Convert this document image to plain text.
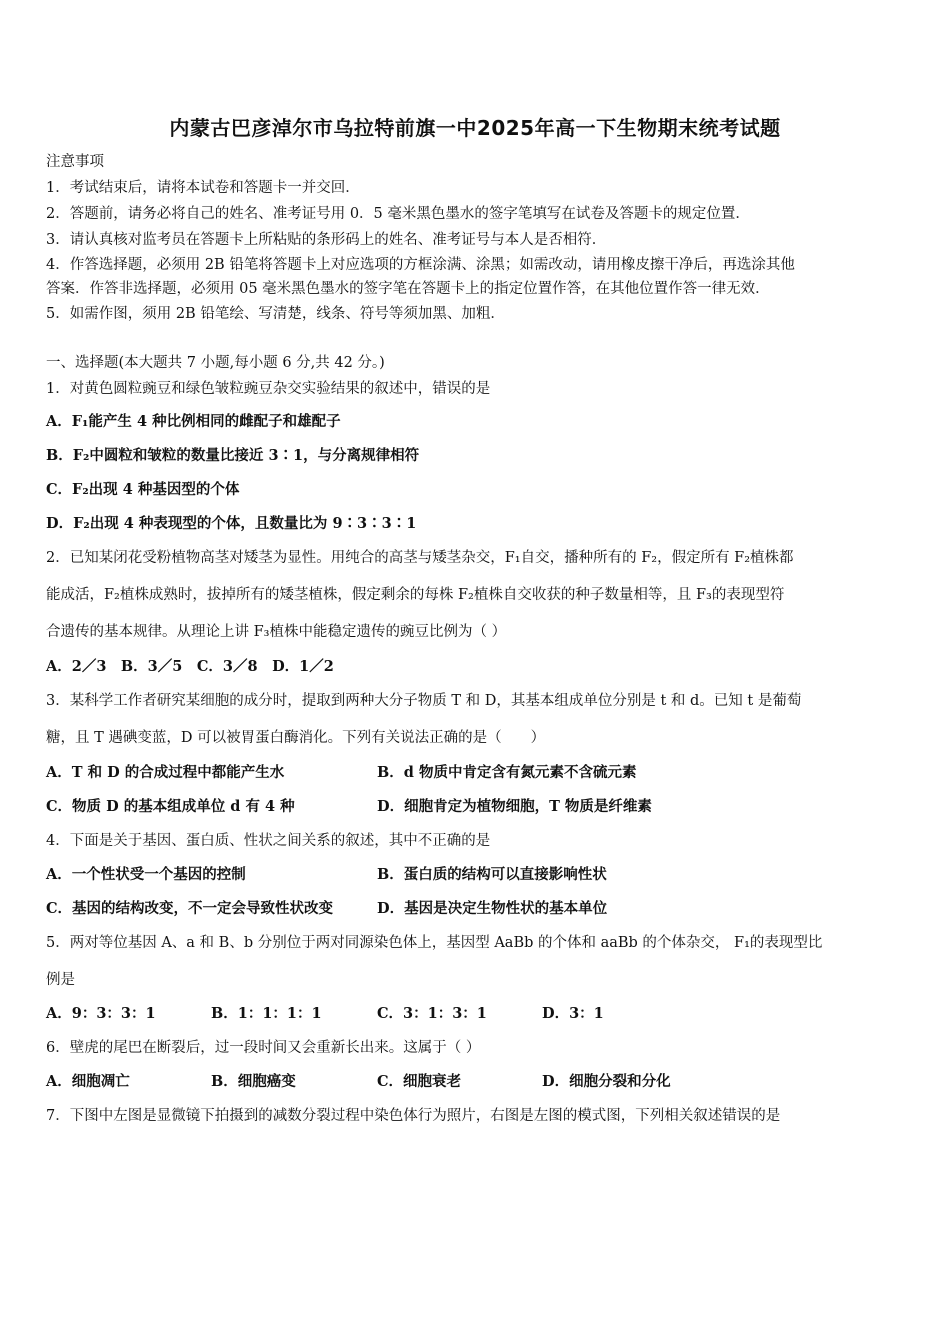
内蒙古巴彦淖尔市乌拉特前旗一中2025年高一下生物期末统考试题
注意事项
1．考试结束后，请将本试卷和答题卡一并交回．
2．答题前，请务必将自己的姓名、准考证号用 0．5 毫米黑色墨水的签字笔填写在试卷及答题卡的规定位置．
3．请认真核对监考员在答题卡上所粘贴的条形码上的姓名、准考证号与本人是否相符．
4．作答选择题，必须用 2B 铅笔将答题卡上对应选项的方框涂满、涂黑；如需改动，请用橡皮擦干净后，再选涂其他
答案．作答非选择题，必须用 05 毫米黑色墨水的签字笔在答题卡上的指定位置作答，在其他位置作答一律无效．
5．如需作图，须用 2B 铅笔绘、写清楚，线条、符号等须加黑、加粗．
一、选择题(本大题共 7 小题,每小题 6 分,共 42 分。)
1．对黄色圆粒豌豆和绿色皱粒豌豆杂交实验结果的叙述中，错误的是
A．F₁能产生 4 种比例相同的雌配子和雄配子
B．F₂中圆粒和皱粒的数量比接近 3∶1，与分离规律相符
C．F₂出现 4 种基因型的个体
D．F₂出现 4 种表现型的个体，且数量比为 9∶3∶3∶1
2．已知某闭花受粉植物高茎对矮茎为显性。用纯合的高茎与矮茎杂交，F₁自交，播种所有的 F₂，假定所有 F₂植株都
能成活，F₂植株成熟时，拔掉所有的矮茎植株，假定剩余的每株 F₂植株自交收获的种子数量相等，且 F₃的表现型符
合遗传的基本规律。从理论上讲 F₃植株中能稳定遗传的豌豆比例为（ ）
A．2／3　B．3／5　C．3／8　D．1／2
3．某科学工作者研究某细胞的成分时，提取到两种大分子物质 T 和 D，其基本组成单位分别是 t 和 d。已知 t 是葡萄
糖，且 T 遇碘变蓝，D 可以被胃蛋白酶消化。下列有关说法正确的是（　　）
A．T 和 D 的合成过程中都能产生水	B．d 物质中肯定含有氮元素不含硫元素
C．物质 D 的基本组成单位 d 有 4 种	D．细胞肯定为植物细胞，T 物质是纤维素
4．下面是关于基因、蛋白质、性状之间关系的叙述，其中不正确的是
A．一个性状受一个基因的控制	B．蛋白质的结构可以直接影响性状
C．基因的结构改变，不一定会导致性状改变	D．基因是决定生物性状的基本单位
5．两对等位基因 A、a 和 B、b 分别位于两对同源染色体上，基因型 AaBb 的个体和 aaBb 的个体杂交， F₁的表现型比
例是
A．9：3：3：1	B．1：1：1：1	C．3：1：3：1	D．3：1
6．壁虎的尾巴在断裂后，过一段时间又会重新长出来。这属于（ ）
A．细胞凋亡	B．细胞癌变	C．细胞衰老	D．细胞分裂和分化
7．下图中左图是显微镜下拍摄到的减数分裂过程中染色体行为照片，右图是左图的模式图，下列相关叙述错误的是
